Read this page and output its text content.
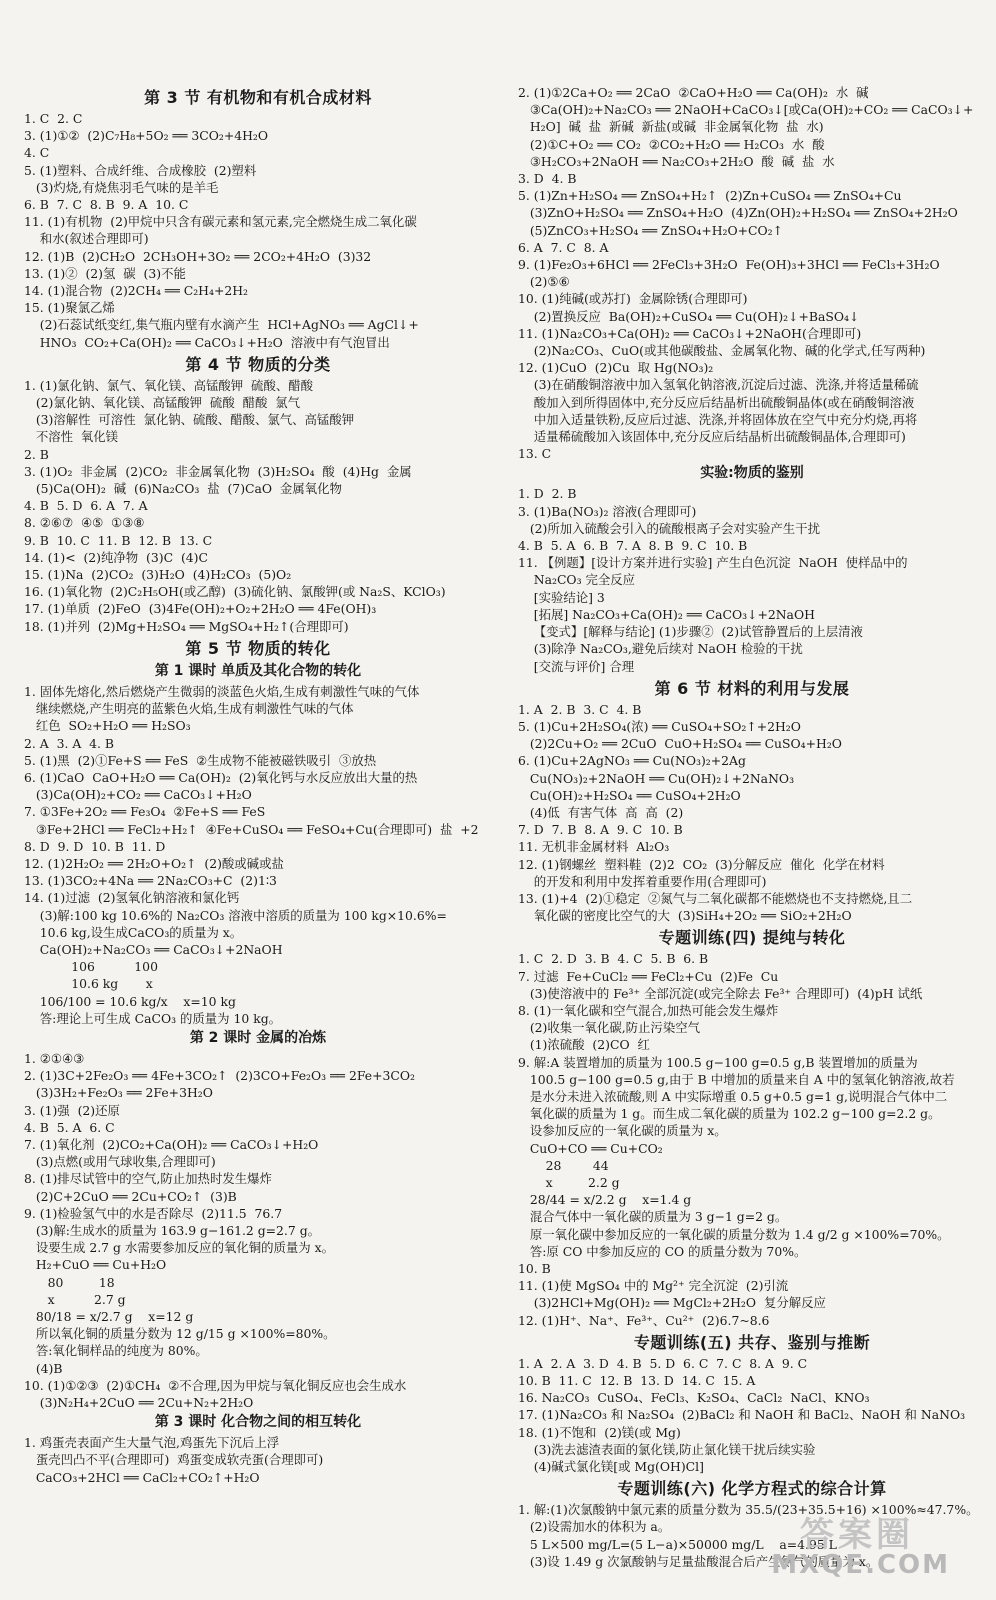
第 3 节 有机物和有机合成材料
1. C  2. C
3. (1)①②  (2)C₇H₈+5O₂ ══ 3CO₂+4H₂O
4. C
5. (1)塑料、合成纤维、合成橡胶  (2)塑料
(3)灼烧,有烧焦羽毛气味的是羊毛
6. B  7. C  8. B  9. A  10. C
11. (1)有机物  (2)甲烷中只含有碳元素和氢元素,完全燃烧生成二氧化碳
和水(叙述合理即可)
12. (1)B  (2)CH₂O  2CH₃OH+3O₂ ══ 2CO₂+4H₂O  (3)32
13. (1)②  (2)氢  碳  (3)不能
14. (1)混合物  (2)2CH₄ ══ C₂H₄+2H₂
15. (1)聚氯乙烯
(2)石蕊试纸变红,集气瓶内壁有水滴产生  HCl+AgNO₃ ══ AgCl↓+
HNO₃  CO₂+Ca(OH)₂ ══ CaCO₃↓+H₂O  溶液中有气泡冒出
第 4 节 物质的分类
1. (1)氯化钠、氯气、氧化镁、高锰酸钾  硫酸、醋酸
(2)氯化钠、氧化镁、高锰酸钾  硫酸  醋酸  氯气
(3)溶解性  可溶性  氯化钠、硫酸、醋酸、氯气、高锰酸钾
不溶性  氧化镁
2. B
3. (1)O₂  非金属  (2)CO₂  非金属氧化物  (3)H₂SO₄  酸  (4)Hg  金属
(5)Ca(OH)₂  碱  (6)Na₂CO₃  盐  (7)CaO  金属氧化物
4. B  5. D  6. A  7. A
8. ②⑥⑦  ④⑤  ①③⑧
9. B  10. C  11. B  12. B  13. C
14. (1)<  (2)纯净物  (3)C  (4)C
15. (1)Na  (2)CO₂  (3)H₂O  (4)H₂CO₃  (5)O₂
16. (1)氧化物  (2)C₂H₅OH(或乙醇)  (3)硫化钠、氯酸钾(或 Na₂S、KClO₃)
17. (1)单质  (2)FeO  (3)4Fe(OH)₂+O₂+2H₂O ══ 4Fe(OH)₃
18. (1)并列  (2)Mg+H₂SO₄ ══ MgSO₄+H₂↑(合理即可)
第 5 节 物质的转化
第 1 课时 单质及其化合物的转化
1. 固体先熔化,然后燃烧产生微弱的淡蓝色火焰,生成有刺激性气味的气体
继续燃烧,产生明亮的蓝紫色火焰,生成有刺激性气味的气体
红色  SO₂+H₂O ══ H₂SO₃
2. A  3. A  4. B
5. (1)黑  (2)①Fe+S ══ FeS  ②生成物不能被磁铁吸引  ③放热
6. (1)CaO  CaO+H₂O ══ Ca(OH)₂  (2)氧化钙与水反应放出大量的热
(3)Ca(OH)₂+CO₂ ══ CaCO₃↓+H₂O
7. ①3Fe+2O₂ ══ Fe₃O₄  ②Fe+S ══ FeS
③Fe+2HCl ══ FeCl₂+H₂↑  ④Fe+CuSO₄ ══ FeSO₄+Cu(合理即可)  盐  +2
8. D  9. D  10. B  11. D
12. (1)2H₂O₂ ══ 2H₂O+O₂↑  (2)酸或碱或盐
13. (1)3CO₂+4Na ══ 2Na₂CO₃+C  (2)1∶3
14. (1)过滤  (2)氢氧化钠溶液和氯化钙
(3)解:100 kg 10.6%的 Na₂CO₃ 溶液中溶质的质量为 100 kg×10.6%=
10.6 kg,设生成CaCO₃的质量为 x。
Ca(OH)₂+Na₂CO₃ ══ CaCO₃↓+2NaOH
106          100
10.6 kg       x
106/100 = 10.6 kg/x    x=10 kg
答:理论上可生成 CaCO₃ 的质量为 10 kg。
第 2 课时 金属的冶炼
1. ②①④③
2. (1)3C+2Fe₂O₃ ══ 4Fe+3CO₂↑  (2)3CO+Fe₂O₃ ══ 2Fe+3CO₂
(3)3H₂+Fe₂O₃ ══ 2Fe+3H₂O
3. (1)强  (2)还原
4. B  5. A  6. C
7. (1)氧化剂  (2)CO₂+Ca(OH)₂ ══ CaCO₃↓+H₂O
(3)点燃(或用气球收集,合理即可)
8. (1)排尽试管中的空气,防止加热时发生爆炸
(2)C+2CuO ══ 2Cu+CO₂↑  (3)B
9. (1)检验氢气中的水是否除尽  (2)11.5  76.7
(3)解:生成水的质量为 163.9 g−161.2 g=2.7 g。
设要生成 2.7 g 水需要参加反应的氧化铜的质量为 x。
H₂+CuO ══ Cu+H₂O
80         18
x          2.7 g
80/18 = x/2.7 g    x=12 g
所以氧化铜的质量分数为 12 g/15 g ×100%=80%。
答:氧化铜样品的纯度为 80%。
(4)B
10. (1)①②③  (2)①CH₄  ②不合理,因为甲烷与氧化铜反应也会生成水
(3)N₂H₄+2CuO ══ 2Cu+N₂+2H₂O
第 3 课时 化合物之间的相互转化
1. 鸡蛋壳表面产生大量气泡,鸡蛋先下沉后上浮
蛋壳凹凸不平(合理即可)  鸡蛋变成软壳蛋(合理即可)
CaCO₃+2HCl ══ CaCl₂+CO₂↑+H₂O
2. (1)①2Ca+O₂ ══ 2CaO  ②CaO+H₂O ══ Ca(OH)₂  水  碱
③Ca(OH)₂+Na₂CO₃ ══ 2NaOH+CaCO₃↓[或Ca(OH)₂+CO₂ ══ CaCO₃↓+
H₂O]  碱  盐  新碱  新盐(或碱  非金属氧化物  盐  水)
(2)①C+O₂ ══ CO₂  ②CO₂+H₂O ══ H₂CO₃  水  酸
③H₂CO₃+2NaOH ══ Na₂CO₃+2H₂O  酸  碱  盐  水
3. D  4. B
5. (1)Zn+H₂SO₄ ══ ZnSO₄+H₂↑  (2)Zn+CuSO₄ ══ ZnSO₄+Cu
(3)ZnO+H₂SO₄ ══ ZnSO₄+H₂O  (4)Zn(OH)₂+H₂SO₄ ══ ZnSO₄+2H₂O
(5)ZnCO₃+H₂SO₄ ══ ZnSO₄+H₂O+CO₂↑
6. A  7. C  8. A
9. (1)Fe₂O₃+6HCl ══ 2FeCl₃+3H₂O  Fe(OH)₃+3HCl ══ FeCl₃+3H₂O
(2)⑤⑥
10. (1)纯碱(或苏打)  金属除锈(合理即可)
(2)置换反应  Ba(OH)₂+CuSO₄ ══ Cu(OH)₂↓+BaSO₄↓
11. (1)Na₂CO₃+Ca(OH)₂ ══ CaCO₃↓+2NaOH(合理即可)
(2)Na₂CO₃、CuO(或其他碳酸盐、金属氧化物、碱的化学式,任写两种)
12. (1)CuO  (2)Cu  取 Hg(NO₃)₂
(3)在硝酸铜溶液中加入氢氧化钠溶液,沉淀后过滤、洗涤,并将适量稀硫
酸加入到所得固体中,充分反应后结晶析出硫酸铜晶体(或在硝酸铜溶液
中加入适量铁粉,反应后过滤、洗涤,并将固体放在空气中充分灼烧,再将
适量稀硫酸加入该固体中,充分反应后结晶析出硫酸铜晶体,合理即可)
13. C
实验:物质的鉴别
1. D  2. B
3. (1)Ba(NO₃)₂ 溶液(合理即可)
(2)所加入硫酸会引入的硫酸根离子会对实验产生干扰
4. B  5. A  6. B  7. A  8. B  9. C  10. B
11. 【例题】[设计方案并进行实验] 产生白色沉淀  NaOH  使样品中的
Na₂CO₃ 完全反应
[实验结论] 3
[拓展] Na₂CO₃+Ca(OH)₂ ══ CaCO₃↓+2NaOH
【变式】[解释与结论] (1)步骤②  (2)试管静置后的上层清液
(3)除净 Na₂CO₃,避免后续对 NaOH 检验的干扰
[交流与评价] 合理
第 6 节 材料的利用与发展
1. A  2. B  3. C  4. B
5. (1)Cu+2H₂SO₄(浓) ══ CuSO₄+SO₂↑+2H₂O
(2)2Cu+O₂ ══ 2CuO  CuO+H₂SO₄ ══ CuSO₄+H₂O
6. (1)Cu+2AgNO₃ ══ Cu(NO₃)₂+2Ag
Cu(NO₃)₂+2NaOH ══ Cu(OH)₂↓+2NaNO₃
Cu(OH)₂+H₂SO₄ ══ CuSO₄+2H₂O
(4)低  有害气体  高  高  (2)
7. D  7. B  8. A  9. C  10. B
11. 无机非金属材料  Al₂O₃
12. (1)钢螺丝  塑料鞋  (2)2  CO₂  (3)分解反应  催化  化学在材料
的开发和利用中发挥着重要作用(合理即可)
13. (1)+4  (2)①稳定  ②氮气与二氧化碳都不能燃烧也不支持燃烧,且二
氧化碳的密度比空气的大  (3)SiH₄+2O₂ ══ SiO₂+2H₂O
专题训练(四) 提纯与转化
1. C  2. D  3. B  4. C  5. B  6. B
7. 过滤  Fe+CuCl₂ ══ FeCl₂+Cu  (2)Fe  Cu
(3)使溶液中的 Fe³⁺ 全部沉淀(或完全除去 Fe³⁺ 合理即可)  (4)pH 试纸
8. (1)一氧化碳和空气混合,加热可能会发生爆炸
(2)收集一氧化碳,防止污染空气
(1)浓硫酸  (2)CO  红
9. 解:A 装置增加的质量为 100.5 g−100 g=0.5 g,B 装置增加的质量为
100.5 g−100 g=0.5 g,由于 B 中增加的质量来自 A 中的氢氧化钠溶液,故若
是水分未进入浓硫酸,则 A 中实际增重 0.5 g+0.5 g=1 g,说明混合气体中二
氧化碳的质量为 1 g。而生成二氧化碳的质量为 102.2 g−100 g=2.2 g。
设参加反应的一氧化碳的质量为 x。
CuO+CO ══ Cu+CO₂
28        44
x         2.2 g
28/44 = x/2.2 g    x=1.4 g
混合气体中一氧化碳的质量为 3 g−1 g=2 g。
原一氧化碳中参加反应的一氧化碳的质量分数为 1.4 g/2 g ×100%=70%。
答:原 CO 中参加反应的 CO 的质量分数为 70%。
10. B
11. (1)使 MgSO₄ 中的 Mg²⁺ 完全沉淀  (2)引流
(3)2HCl+Mg(OH)₂ ══ MgCl₂+2H₂O  复分解反应
12. (1)H⁺、Na⁺、Fe³⁺、Cu²⁺  (2)6.7~8.6
专题训练(五) 共存、鉴别与推断
1. A  2. A  3. D  4. B  5. D  6. C  7. C  8. A  9. C
10. B  11. C  12. B  13. D  14. C  15. A
16. Na₂CO₃  CuSO₄、FeCl₃、K₂SO₄、CaCl₂  NaCl、KNO₃
17. (1)Na₂CO₃ 和 Na₂SO₄  (2)BaCl₂ 和 NaOH 和 BaCl₂、NaOH 和 NaNO₃
18. (1)不饱和  (2)镁(或 Mg)
(3)洗去滤渣表面的氯化镁,防止氯化镁干扰后续实验
(4)碱式氯化镁[或 Mg(OH)Cl]
专题训练(六) 化学方程式的综合计算
1. 解:(1)次氯酸钠中氯元素的质量分数为 35.5/(23+35.5+16) ×100%≈47.7%。
(2)设需加水的体积为 a。
5 L×500 mg/L=(5 L−a)×50000 mg/L    a=4.95 L
(3)设 1.49 g 次氯酸钠与足量盐酸混合后产生氯气的质量为 x。
答案圈
MXQE.COM
